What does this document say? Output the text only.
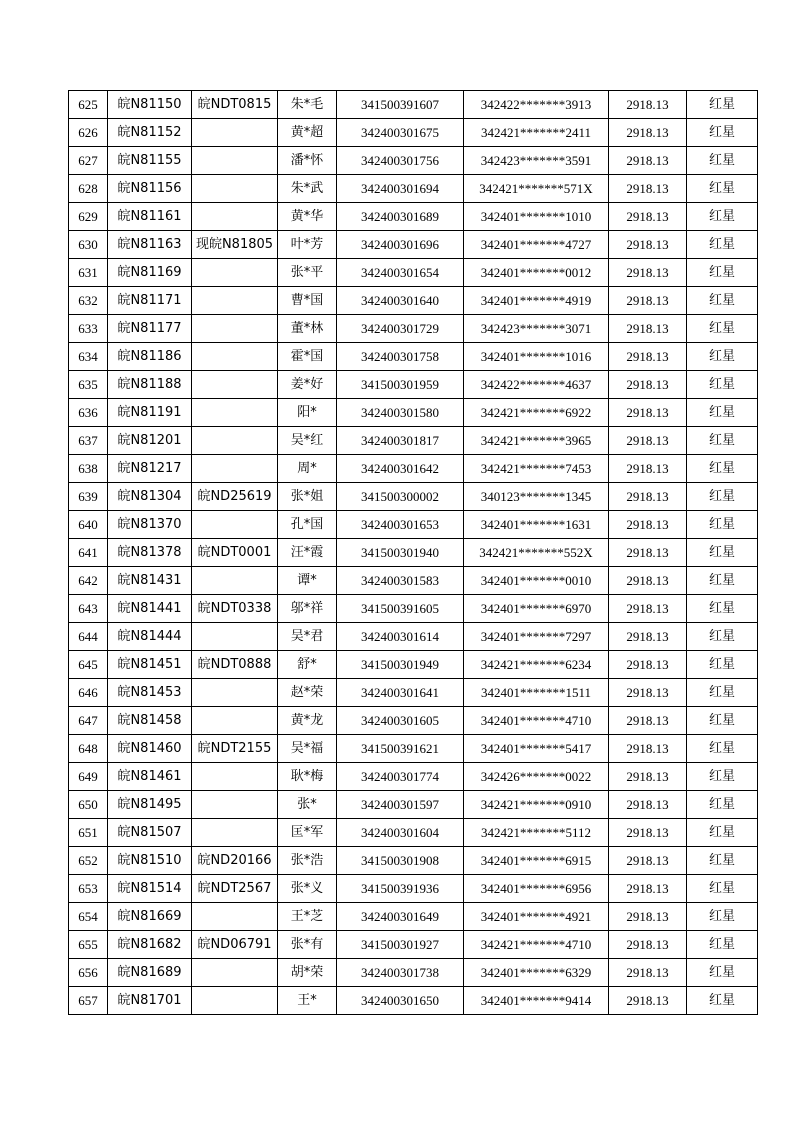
625	皖N81150	皖NDT0815	朱*毛	341500391607	342422*******3913	2918.13	红星
626	皖N81152		黄*超	342400301675	342421*******2411	2918.13	红星
627	皖N81155		潘*怀	342400301756	342423*******3591	2918.13	红星
628	皖N81156		朱*武	342400301694	342421*******571X	2918.13	红星
629	皖N81161		黄*华	342400301689	342401*******1010	2918.13	红星
630	皖N81163	现皖N81805	叶*芳	342400301696	342401*******4727	2918.13	红星
631	皖N81169		张*平	342400301654	342401*******0012	2918.13	红星
632	皖N81171		曹*国	342400301640	342401*******4919	2918.13	红星
633	皖N81177		董*林	342400301729	342423*******3071	2918.13	红星
634	皖N81186		霍*国	342400301758	342401*******1016	2918.13	红星
635	皖N81188		姜*好	341500301959	342422*******4637	2918.13	红星
636	皖N81191		阳*	342400301580	342421*******6922	2918.13	红星
637	皖N81201		吴*红	342400301817	342421*******3965	2918.13	红星
638	皖N81217		周*	342400301642	342421*******7453	2918.13	红星
639	皖N81304	皖ND25619	张*姐	341500300002	340123*******1345	2918.13	红星
640	皖N81370		孔*国	342400301653	342401*******1631	2918.13	红星
641	皖N81378	皖NDT0001	汪*霞	341500301940	342421*******552X	2918.13	红星
642	皖N81431		谭*	342400301583	342401*******0010	2918.13	红星
643	皖N81441	皖NDT0338	邬*祥	341500391605	342401*******6970	2918.13	红星
644	皖N81444		吴*君	342400301614	342401*******7297	2918.13	红星
645	皖N81451	皖NDT0888	舒*	341500301949	342421*******6234	2918.13	红星
646	皖N81453		赵*荣	342400301641	342401*******1511	2918.13	红星
647	皖N81458		黄*龙	342400301605	342401*******4710	2918.13	红星
648	皖N81460	皖NDT2155	吴*福	341500391621	342401*******5417	2918.13	红星
649	皖N81461		耿*梅	342400301774	342426*******0022	2918.13	红星
650	皖N81495		张*	342400301597	342421*******0910	2918.13	红星
651	皖N81507		匡*军	342400301604	342421*******5112	2918.13	红星
652	皖N81510	皖ND20166	张*浩	341500301908	342401*******6915	2918.13	红星
653	皖N81514	皖NDT2567	张*义	341500391936	342401*******6956	2918.13	红星
654	皖N81669		王*芝	342400301649	342401*******4921	2918.13	红星
655	皖N81682	皖ND06791	张*有	341500301927	342421*******4710	2918.13	红星
656	皖N81689		胡*荣	342400301738	342401*******6329	2918.13	红星
657	皖N81701		王*	342400301650	342401*******9414	2918.13	红星
